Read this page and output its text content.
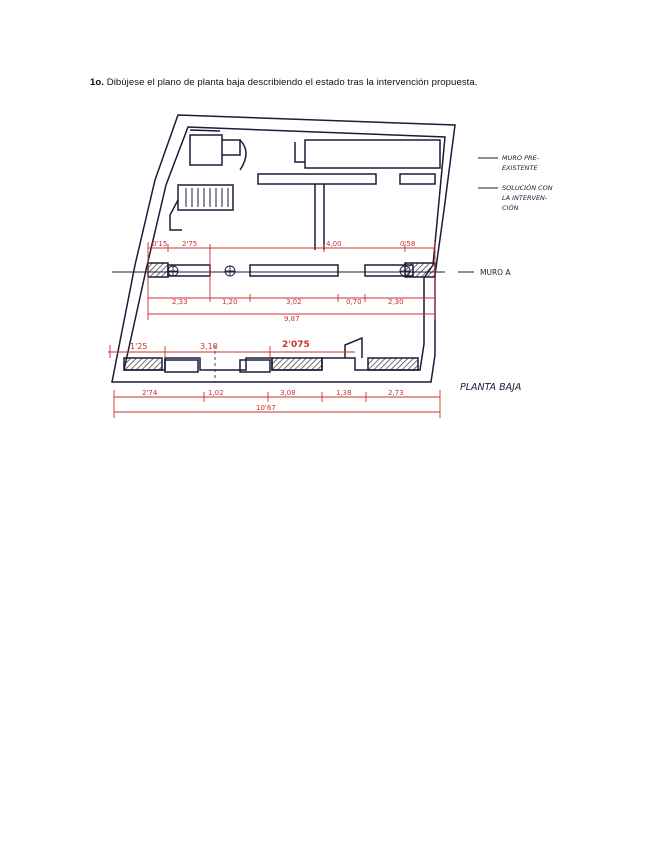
1o. Dibújese el plano de planta baja describiendo el estado tras la intervención propuesta.
0'15 2'75	4,00	0'58
2,33	1,20	3,02	0,70	2,30
9,87
1'25	3,10	2'075
2'74	1,02	3,08	1,38	2,73
10'67
MURO PRE-
EXISTENTE
SOLUCIÓN CON
LA INTERVEN-
CIÓN
MURO A
PLANTA BAJA
